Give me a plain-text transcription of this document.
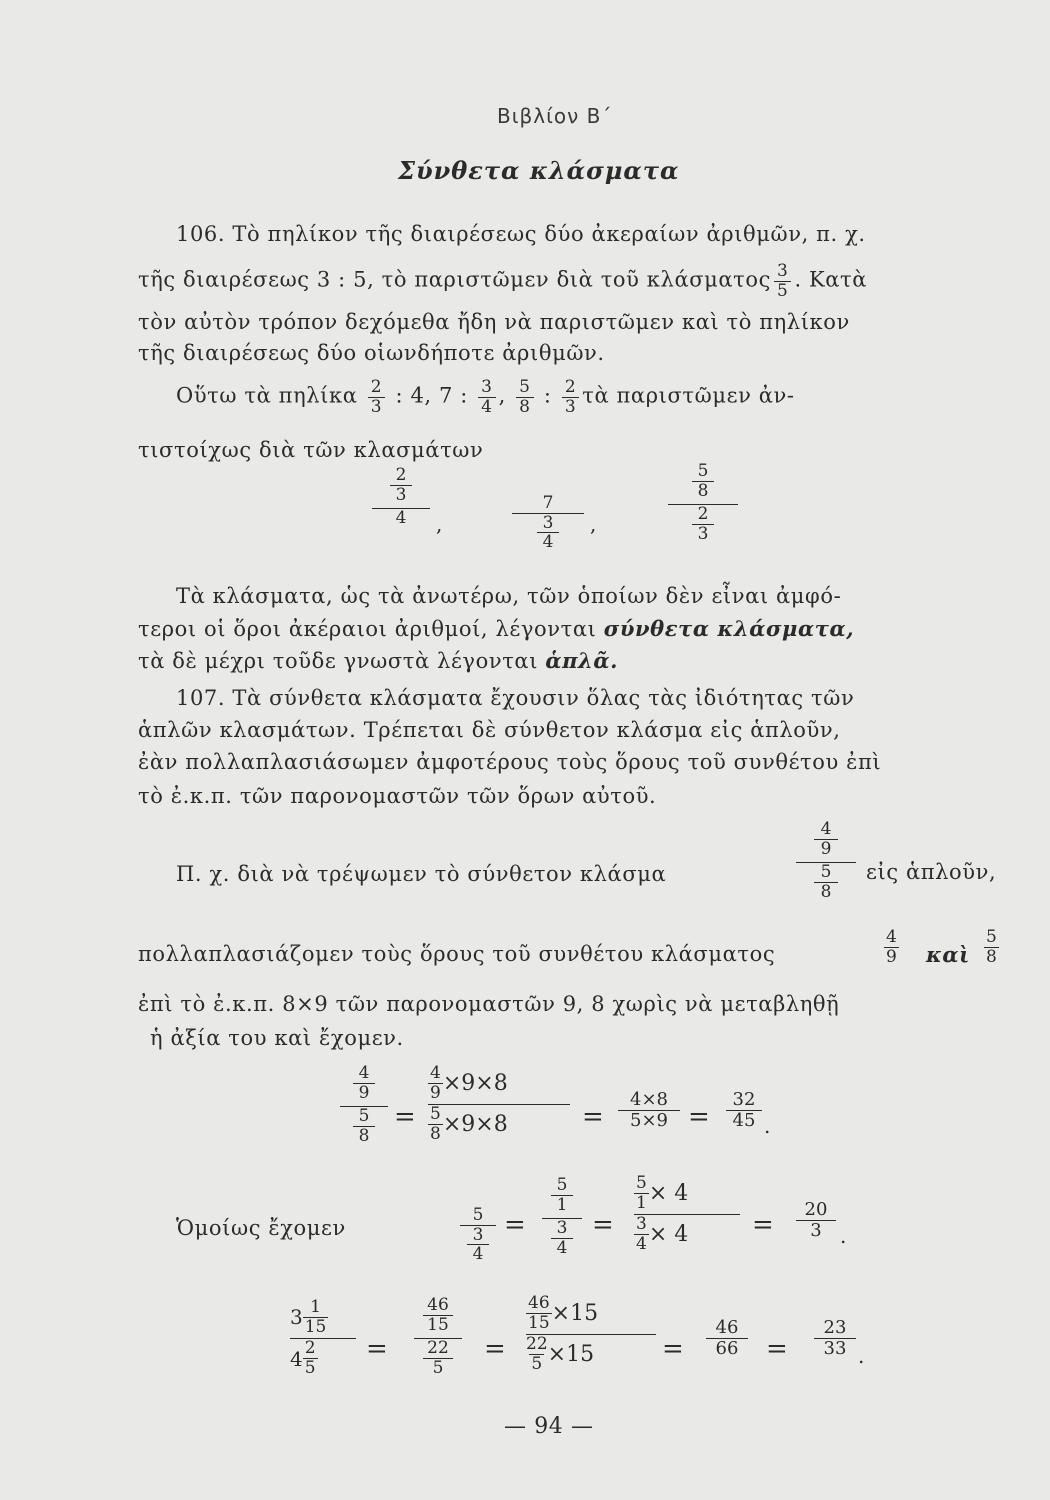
Βιβλίον Β΄
Σύνθετα κλάσματα
106. Τὸ πηλίκον τῆς διαιρέσεως δύο ἀκεραίων ἀριθμῶν, π. χ.
τῆς διαιρέσεως 3 : 5, τὸ παριστῶμεν διὰ τοῦ κλάσματος $\frac{3}{5}$ . Κατὰ
τὸν αὐτὸν τρόπον δεχόμεθα ἤδη νὰ παριστῶμεν καὶ τὸ πηλίκον
τῆς διαιρέσεως δύο οἱωνδήποτε ἀριθμῶν.
Οὕτω τὰ πηλίκα $\frac{2}{3}$ : 4, 7 : $\frac{3}{4}$ , $\frac{5}{8}$ : $\frac{2}{3}$ τὰ παριστῶμεν ἀν-
τιστοίχως διὰ τῶν κλασμάτων
2
3
4	,
7
3
4
,
5
8
2
3
Τὰ κλάσματα, ὡς τὰ ἀνωτέρω, τῶν ὁποίων δὲν εἶναι ἀμφό-
τεροι οἱ ὅροι ἀκέραιοι ἀριθμοί, λέγονται σύνθετα κλάσματα,
τὰ δὲ μέχρι τοῦδε γνωστὰ λέγονται ἁπλᾶ.
107. Τὰ σύνθετα κλάσματα ἔχουσιν ὅλας τὰς ἰδιότητας τῶν
ἁπλῶν κλασμάτων. Τρέπεται δὲ σύνθετον κλάσμα εἰς ἁπλοῦν,
ἐὰν πολλαπλασιάσωμεν ἀμφοτέρους τοὺς ὅρους τοῦ συνθέτου ἐπὶ
τὸ ἐ.κ.π. τῶν παρονομαστῶν τῶν ὅρων αὐτοῦ.
Π. χ. διὰ νὰ τρέψωμεν τὸ σύνθετον κλάσμα
4
9
5
8
εἰς ἁπλοῦν,
πολλαπλασιάζομεν τοὺς ὅρους τοῦ συνθέτου κλάσματος	$\frac{4}{9}$ καὶ $\frac{5}{8}$
ἐπὶ τὸ ἐ.κ.π. 8×9 τῶν παρονομαστῶν 9, 8 χωρὶς νὰ μεταβληθῇ
ἡ ἀξία του καὶ ἔχομεν.
4
9
5
8
=
$\frac{4}{9} \times 9\times 8$
$\frac{5}{8} \times 9\times 8$	=
4×8
5×9 =
32
45 .
Ὁμοίως ἔχομεν
5
3
4
=
5
1
3
4
=
$\frac{5}{1} \times 4$
$\frac{3}{4} \times 4$ =
20
3 .
$3 \frac{1}{15}$
$4 \frac{2}{5}$ =
46
15
22
5
=
$\frac{46}{15} \times 15$
$\frac{22}{5} \times 15$	=
46
66	=
23
33 .
— 94 —
